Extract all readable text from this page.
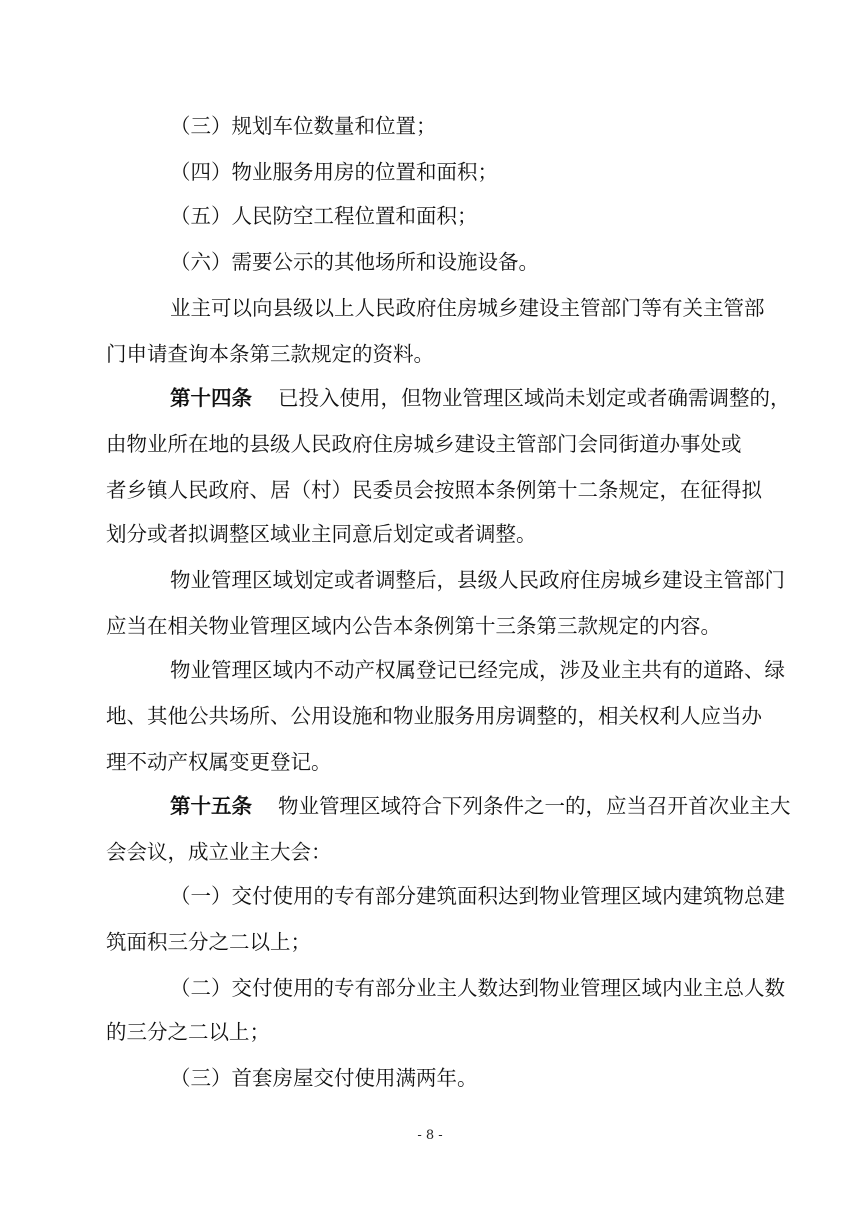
（三）规划车位数量和位置；
（四）物业服务用房的位置和面积；
（五）人民防空工程位置和面积；
（六）需要公示的其他场所和设施设备。
业主可以向县级以上人民政府住房城乡建设主管部门等有关主管部
门申请查询本条第三款规定的资料。
第十四条 已投入使用，但物业管理区域尚未划定或者确需调整的，
由物业所在地的县级人民政府住房城乡建设主管部门会同街道办事处或
者乡镇人民政府、居（村）民委员会按照本条例第十二条规定，在征得拟
划分或者拟调整区域业主同意后划定或者调整。
物业管理区域划定或者调整后，县级人民政府住房城乡建设主管部门
应当在相关物业管理区域内公告本条例第十三条第三款规定的内容。
物业管理区域内不动产权属登记已经完成，涉及业主共有的道路、绿
地、其他公共场所、公用设施和物业服务用房调整的，相关权利人应当办
理不动产权属变更登记。
第十五条 物业管理区域符合下列条件之一的，应当召开首次业主大
会会议，成立业主大会：
（一）交付使用的专有部分建筑面积达到物业管理区域内建筑物总建
筑面积三分之二以上；
（二）交付使用的专有部分业主人数达到物业管理区域内业主总人数
的三分之二以上；
（三）首套房屋交付使用满两年。
- 8 -
